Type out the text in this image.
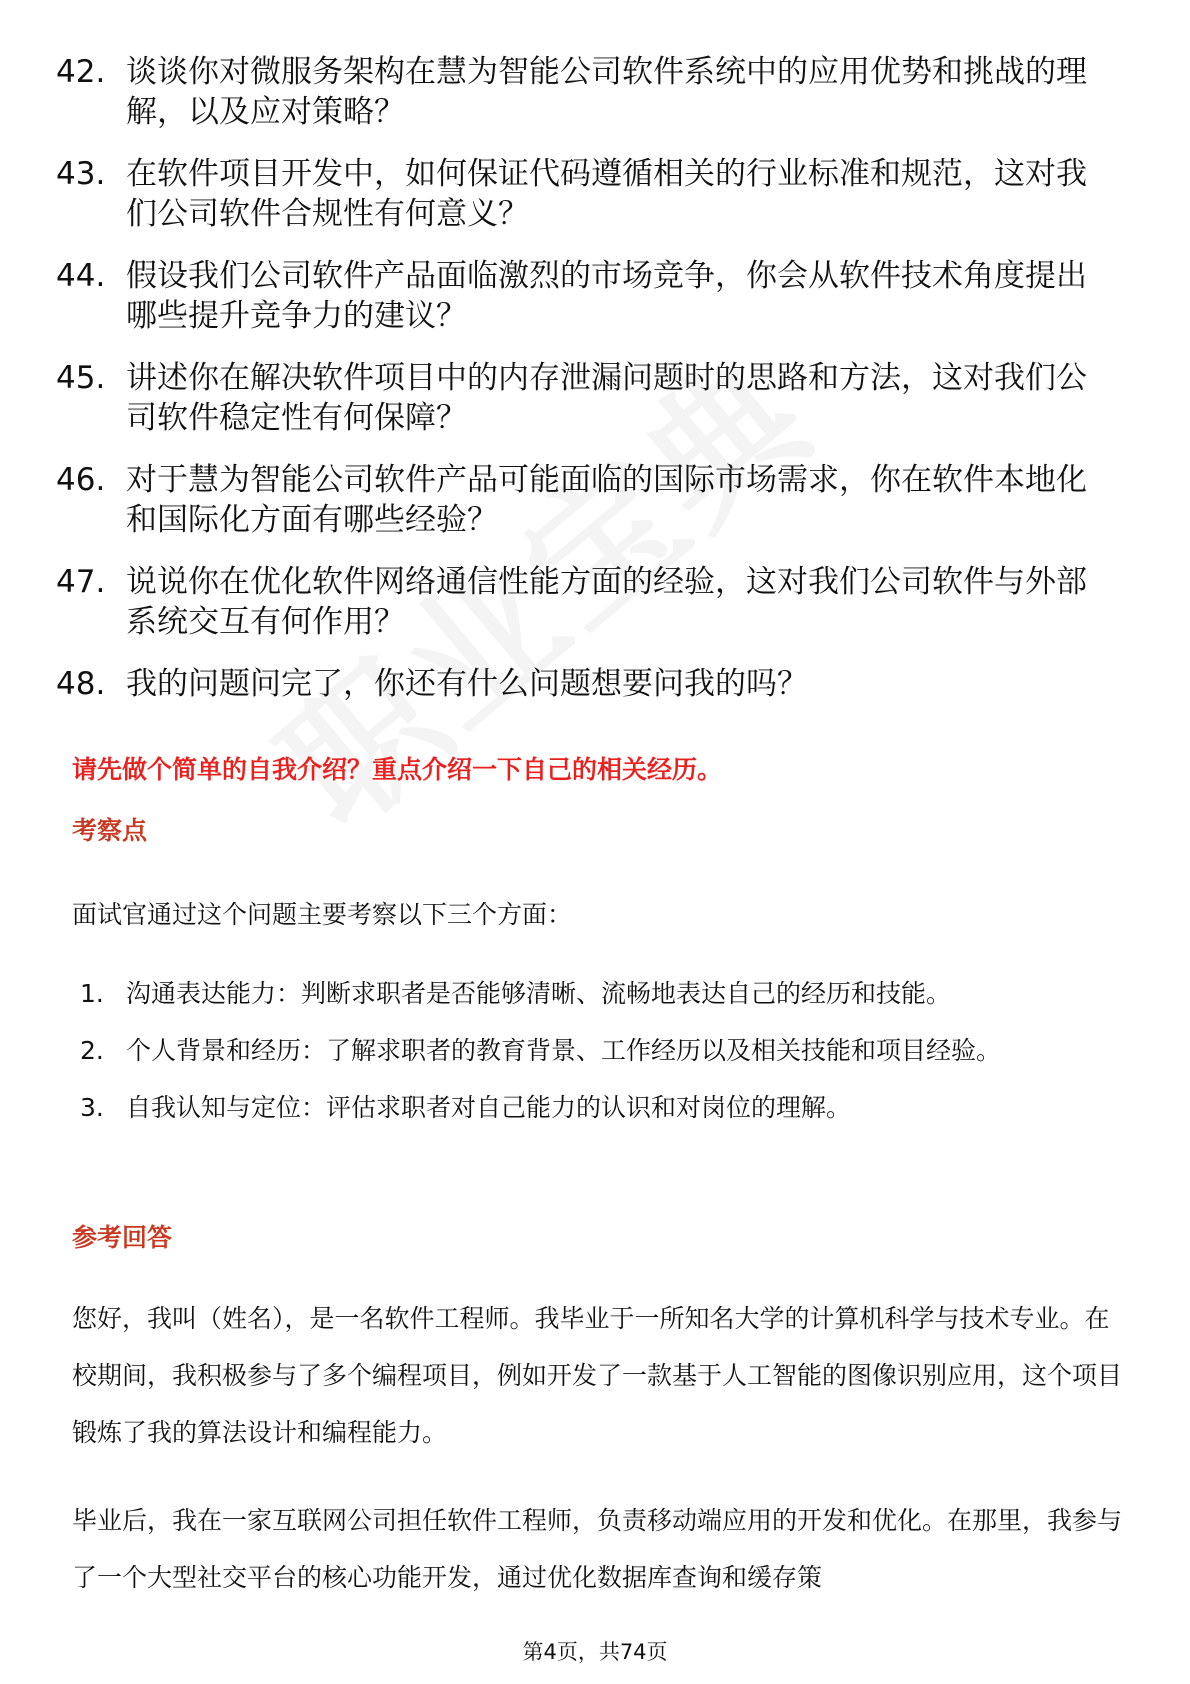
42. 谈谈你对微服务架构在慧为智能公司软件系统中的应用优势和挑战的理解，以及应对策略？
43. 在软件项目开发中，如何保证代码遵循相关的行业标准和规范，这对我们公司软件合规性有何意义？
44. 假设我们公司软件产品面临激烈的市场竞争，你会从软件技术角度提出哪些提升竞争力的建议？
45. 讲述你在解决软件项目中的内存泄漏问题时的思路和方法，这对我们公司软件稳定性有何保障？
46. 对于慧为智能公司软件产品可能面临的国际市场需求，你在软件本地化和国际化方面有哪些经验？
47. 说说你在优化软件网络通信性能方面的经验，这对我们公司软件与外部系统交互有何作用？
48. 我的问题问完了，你还有什么问题想要问我的吗？
请先做个简单的自我介绍？重点介绍一下自己的相关经历。
考察点
面试官通过这个问题主要考察以下三个方面：
1. 沟通表达能力：判断求职者是否能够清晰、流畅地表达自己的经历和技能。
2. 个人背景和经历：了解求职者的教育背景、工作经历以及相关技能和项目经验。
3. 自我认知与定位：评估求职者对自己能力的认识和对岗位的理解。
参考回答
您好，我叫（姓名），是一名软件工程师。我毕业于一所知名大学的计算机科学与技术专业。在校期间，我积极参与了多个编程项目，例如开发了一款基于人工智能的图像识别应用，这个项目锻炼了我的算法设计和编程能力。
毕业后，我在一家互联网公司担任软件工程师，负责移动端应用的开发和优化。在那里，我参与了一个大型社交平台的核心功能开发，通过优化数据库查询和缓存策
第4页，共74页
